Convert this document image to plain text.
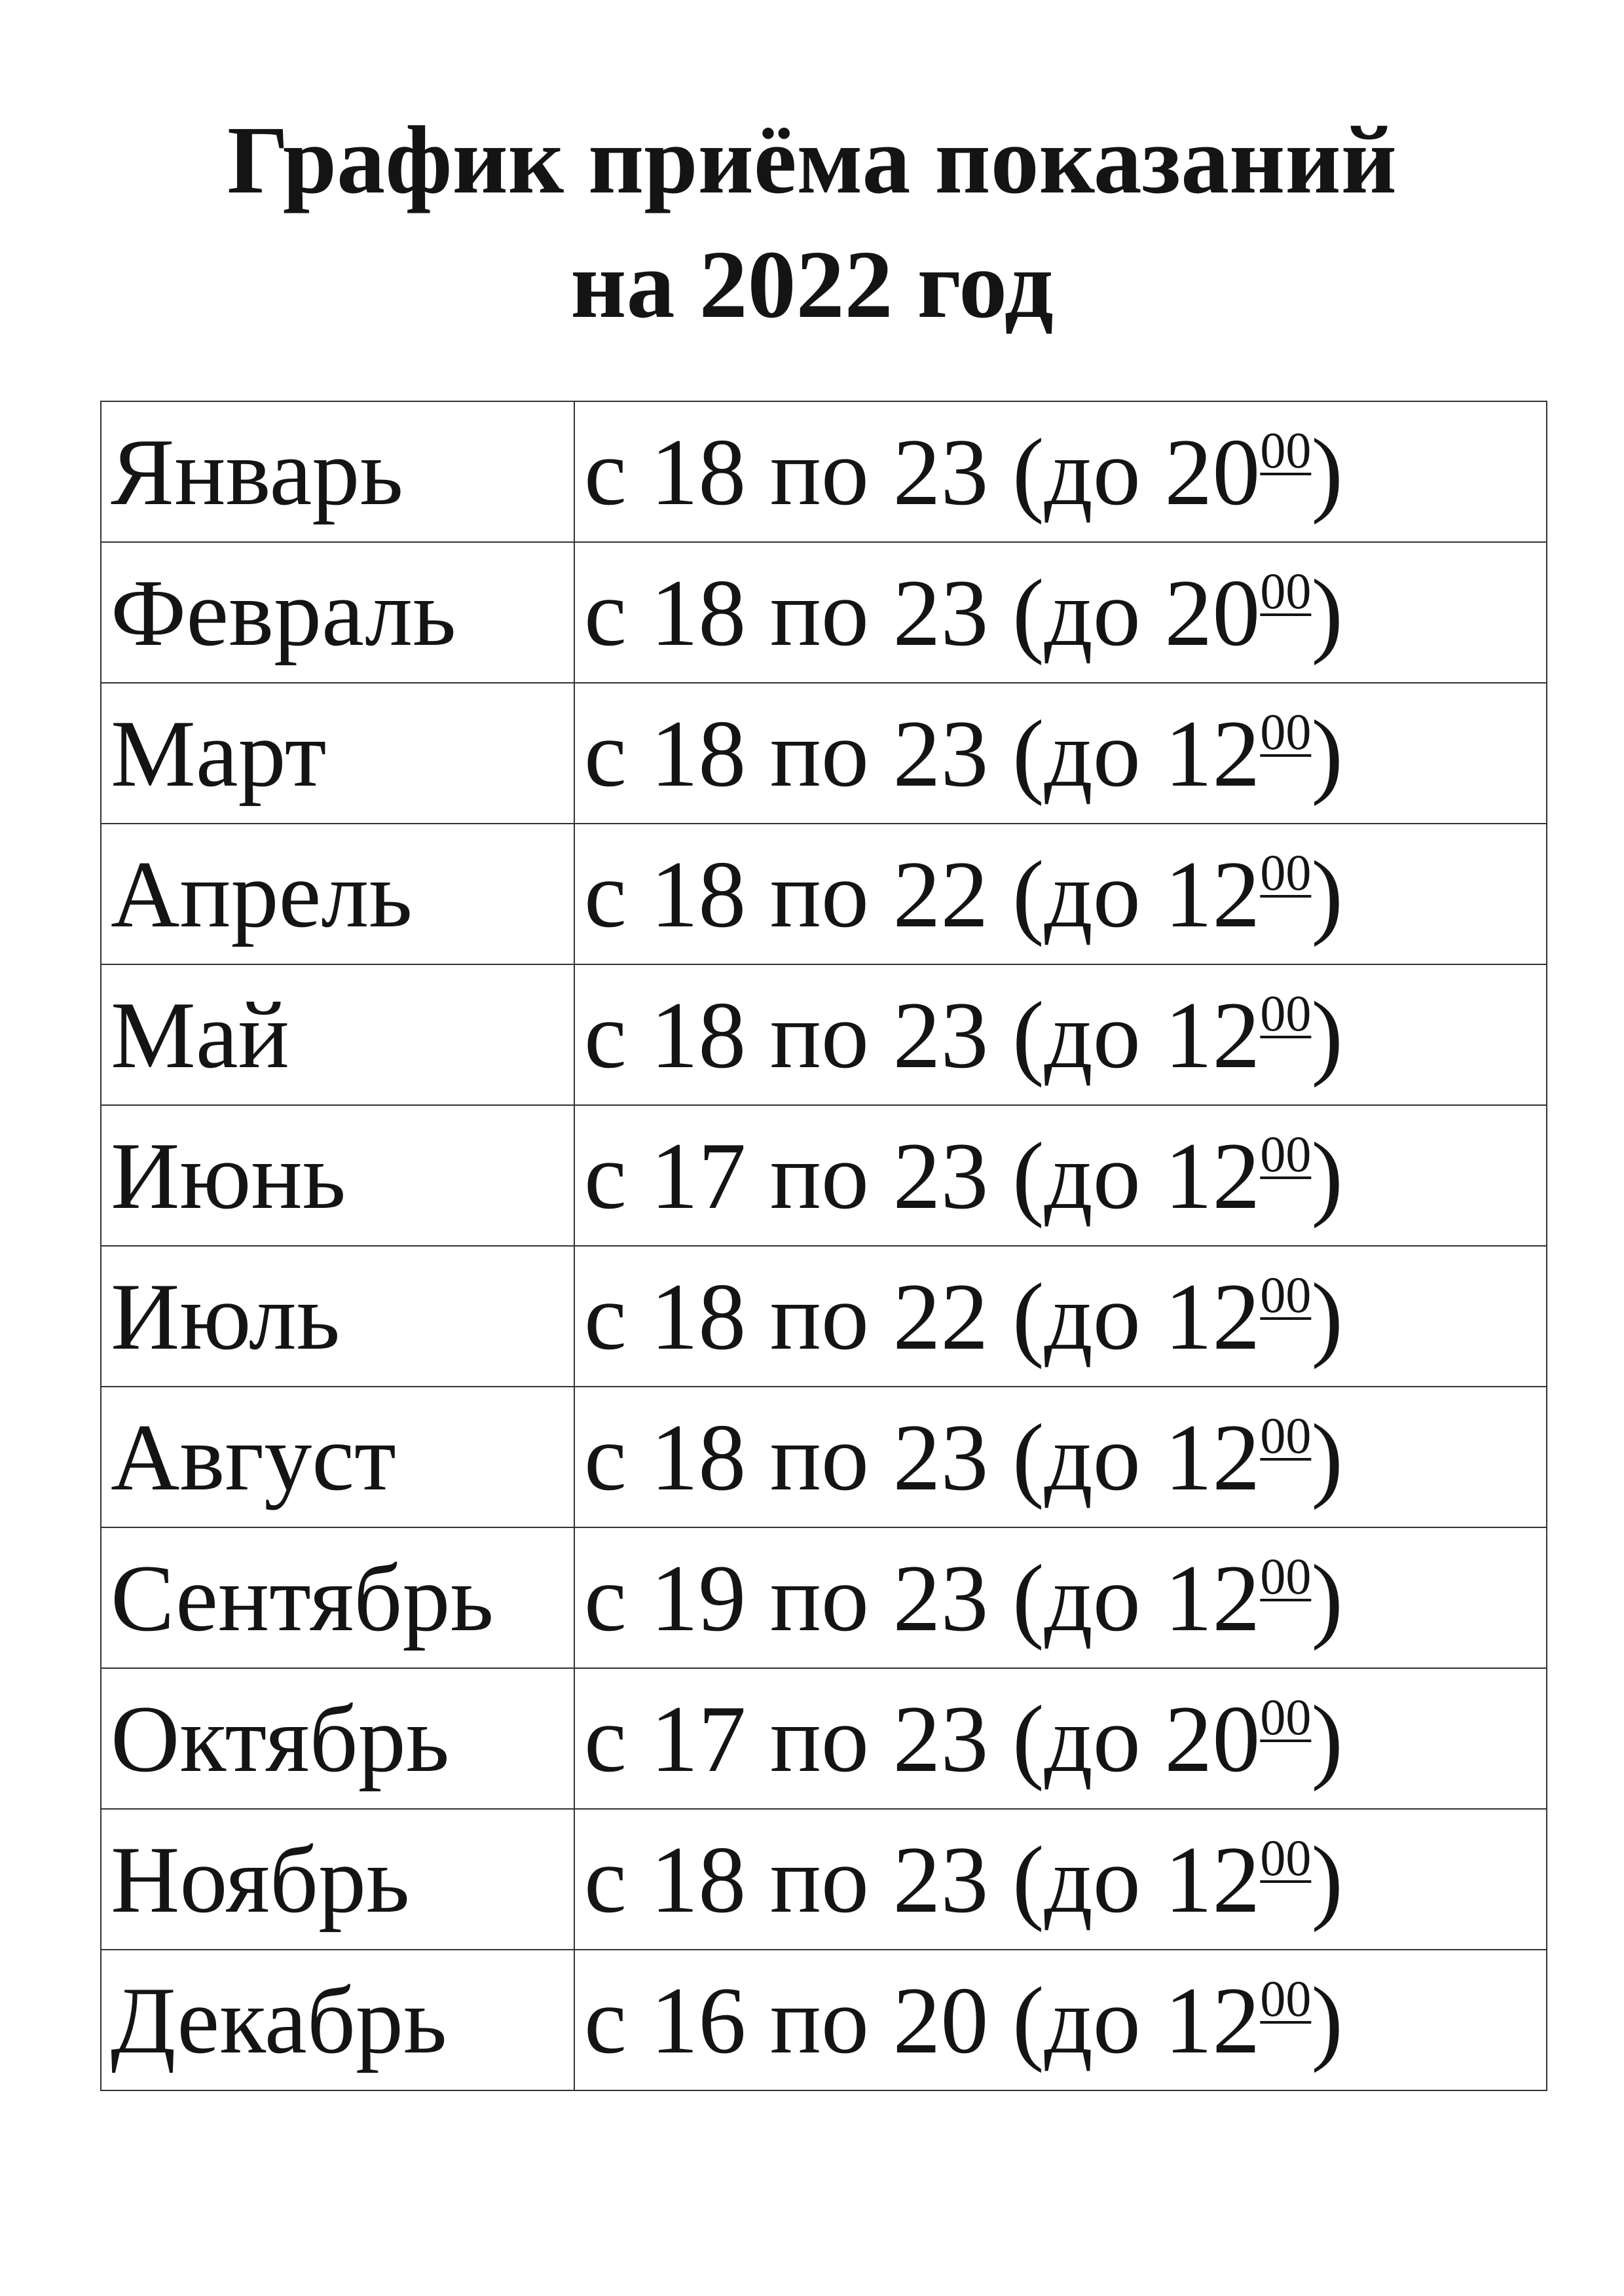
График приёма показаний
на 2022 год
Январь	с 18 по 23 (до $20^{00}$)
Февраль	с 18 по 23 (до $20^{00}$)
Март	с 18 по 23 (до $12^{00}$)
Апрель	с 18 по 22 (до $12^{00}$)
Май	с 18 по 23 (до $12^{00}$)
Июнь	с 17 по 23 (до $12^{00}$)
Июль	с 18 по 22 (до $12^{00}$)
Август	с 18 по 23 (до $12^{00}$)
Сентябрь	с 19 по 23 (до $12^{00}$)
Октябрь	с 17 по 23 (до $20^{00}$)
Ноябрь	с 18 по 23 (до $12^{00}$)
Декабрь	с 16 по 20 (до $12^{00}$)
